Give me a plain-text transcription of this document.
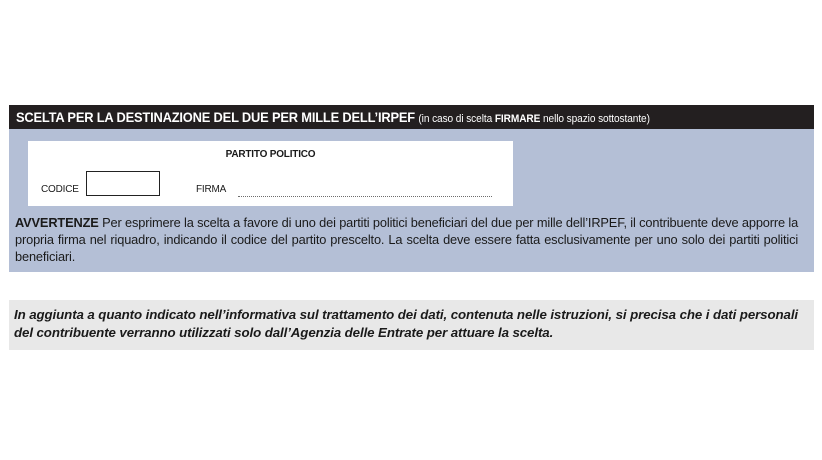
SCELTA PER LA DESTINAZIONE DEL DUE PER MILLE DELL’IRPEF (in caso di scelta FIRMARE nello spazio sottostante)
PARTITO POLITICO
CODICE	FIRMA
AVVERTENZE Per esprimere la scelta a favore di uno dei partiti politici beneficiari del due per mille dell’IRPEF, il contribuente deve apporre la propria firma nel riquadro, indicando il codice del partito prescelto. La scelta deve essere fatta esclusivamente per uno solo dei partiti politici beneficiari.
In aggiunta a quanto indicato nell’informativa sul trattamento dei dati, contenuta nelle istruzioni, si precisa che i dati personali del contribuente verranno utilizzati solo dall’Agenzia delle Entrate per attuare la scelta.
